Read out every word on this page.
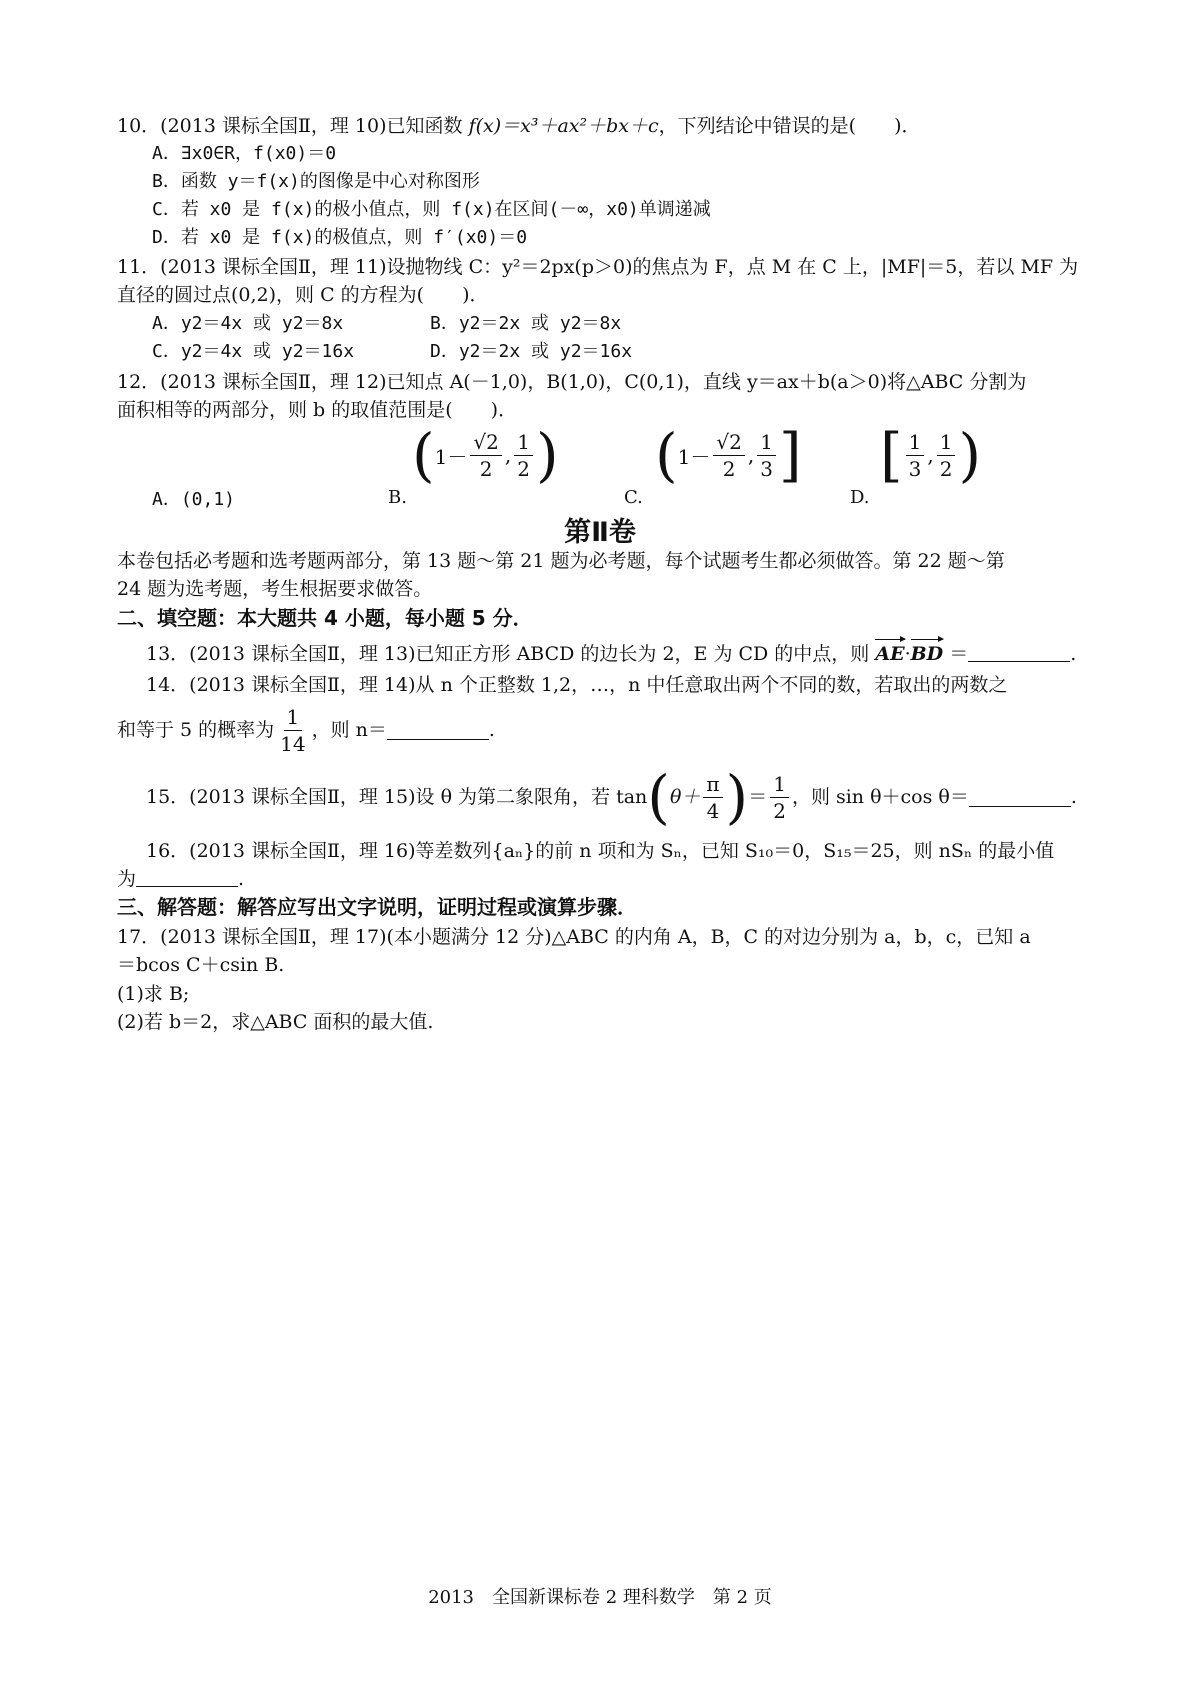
10．(2013 课标全国Ⅱ，理 10)已知函数 f(x)＝x³＋ax²＋bx＋c，下列结论中错误的是(　　)．
A．∃x0∈R，f(x0)＝0
B．函数 y＝f(x)的图像是中心对称图形
C．若 x0 是 f(x)的极小值点，则 f(x)在区间(－∞，x0)单调递减
D．若 x0 是 f(x)的极值点，则 f′(x0)＝0
11．(2013 课标全国Ⅱ，理 11)设抛物线 C：y²＝2px(p＞0)的焦点为 F，点 M 在 C 上，|MF|＝5，若以 MF 为
直径的圆过点(0,2)，则 C 的方程为(　　)．
A．y2＝4x 或 y2＝8x	B．y2＝2x 或 y2＝8x
C．y2＝4x 或 y2＝16x	D．y2＝2x 或 y2＝16x
12．(2013 课标全国Ⅱ，理 12)已知点 A(－1,0)，B(1,0)，C(0,1)，直线 y＝ax＋b(a＞0)将△ABC 分割为
面积相等的两部分，则 b 的取值范围是(　　)．
A．(0,1)	B.
( $1- \frac{√2}{2}$ , $\frac{1}{2}$ )
C.
( $1- \frac{√2}{2}$ , $\frac{1}{3}$ ]
D.
[ $\frac{1}{3}$ , $\frac{1}{2}$ )
第Ⅱ卷
本卷包括必考题和选考题两部分，第 13 题～第 21 题为必考题，每个试题考生都必须做答。第 22 题～第
24 题为选考题，考生根据要求做答。
二、填空题：本大题共 4 小题，每小题 5 分．
13．(2013 课标全国Ⅱ，理 13)已知正方形 ABCD 的边长为 2，E 为 CD 的中点，则 AE·BD ＝	.
14．(2013 课标全国Ⅱ，理 14)从 n 个正整数 1,2，…，n 中任意取出两个不同的数，若取出的两数之
和等于 5 的概率为 $\frac{1}{14}$ ，则 n＝	.
15．(2013 课标全国Ⅱ，理 15)设 θ 为第二象限角，若 tan ( $\theta+ \frac{\pi}{4}$ ) ＝ $\frac{1}{2}$ ，则 sin θ＋cos θ＝	.
16．(2013 课标全国Ⅱ，理 16)等差数列{aₙ}的前 n 项和为 Sₙ，已知 S₁₀＝0，S₁₅＝25，则 nSₙ 的最小值
为	.
三、解答题：解答应写出文字说明，证明过程或演算步骤．
17．(2013 课标全国Ⅱ，理 17)(本小题满分 12 分)△ABC 的内角 A，B，C 的对边分别为 a，b，c，已知 a
＝bcos C＋csin B.
(1)求 B;
(2)若 b＝2，求△ABC 面积的最大值.
2013　全国新课标卷 2 理科数学　第 2 页
